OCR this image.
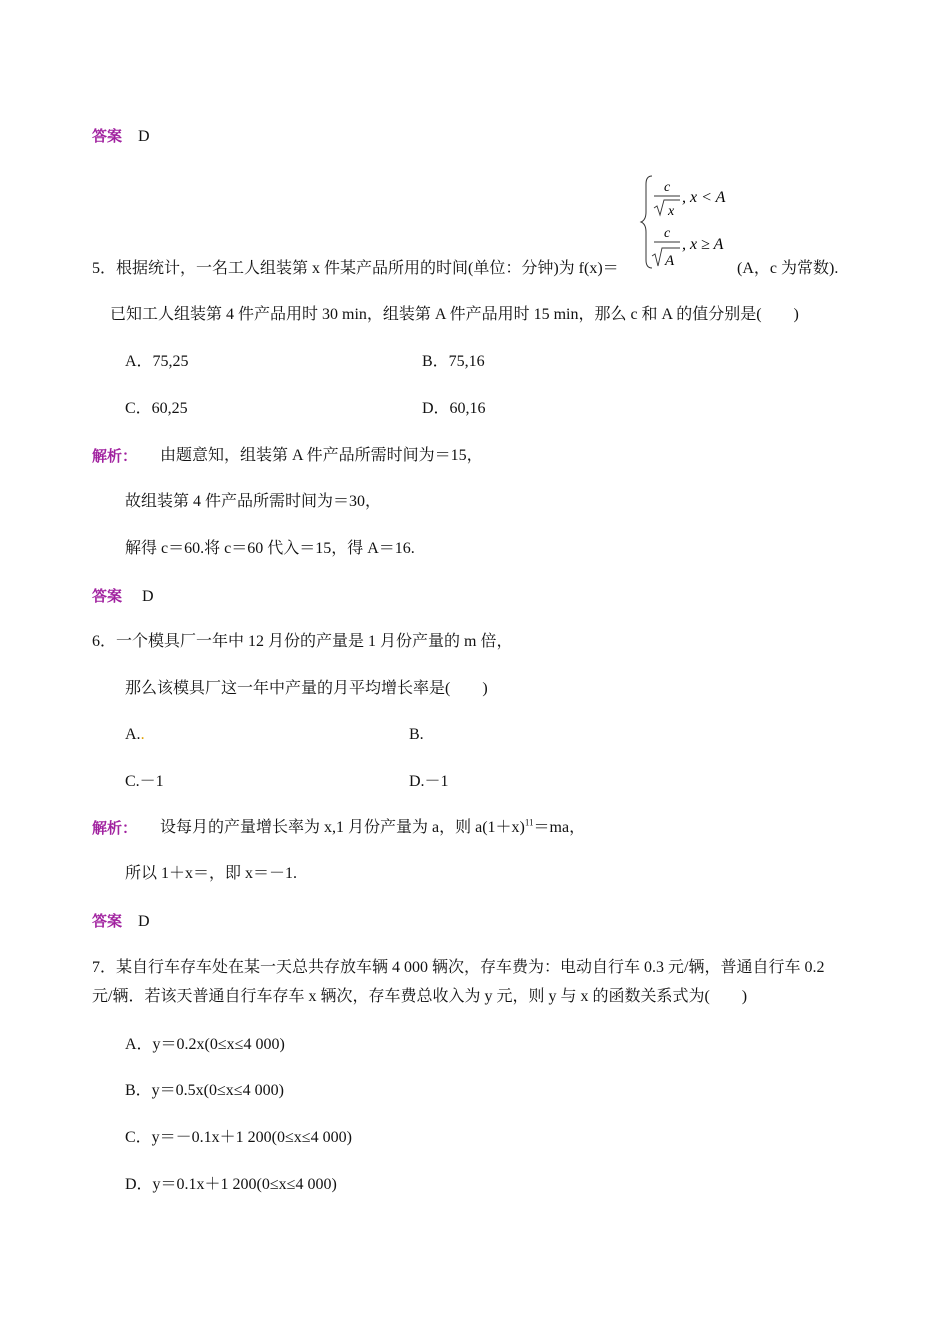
答案 D
c
x
, x < A
c
A
, x ≥ A
5．根据统计，一名工人组装第 x 件某产品所用的时间(单位：分钟)为 f(x)＝	(A，c 为常数).
已知工人组装第 4 件产品用时 30 min，组装第 A 件产品用时 15 min，那么 c 和 A 的值分别是(　　)
A．75,25	B．75,16
C．60,25	D．60,16
解析： 由题意知，组装第 A 件产品所需时间为＝15，
故组装第 4 件产品所需时间为＝30，
解得 c＝60.将 c＝60 代入＝15，得 A＝16.
答案 D
6．一个模具厂一年中 12 月份的产量是 1 月份产量的 m 倍，
那么该模具厂这一年中产量的月平均增长率是(　　)
A..	B.
C.－1	D.－1
解析： 设每月的产量增长率为 x,1 月份产量为 a，则 $a(1+x)^{11}=ma$，
所以 1＋x＝，即 x＝－1.
答案 D
7．某自行车存车处在某一天总共存放车辆 4 000 辆次，存车费为：电动自行车 0.3 元/辆，普通自行车 0.2
元/辆．若该天普通自行车存车 x 辆次，存车费总收入为 y 元，则 y 与 x 的函数关系式为(　　)
A．y＝0.2x(0≤x≤4 000)
B．y＝0.5x(0≤x≤4 000)
C．y＝－0.1x＋1 200(0≤x≤4 000)
D．y＝0.1x＋1 200(0≤x≤4 000)
